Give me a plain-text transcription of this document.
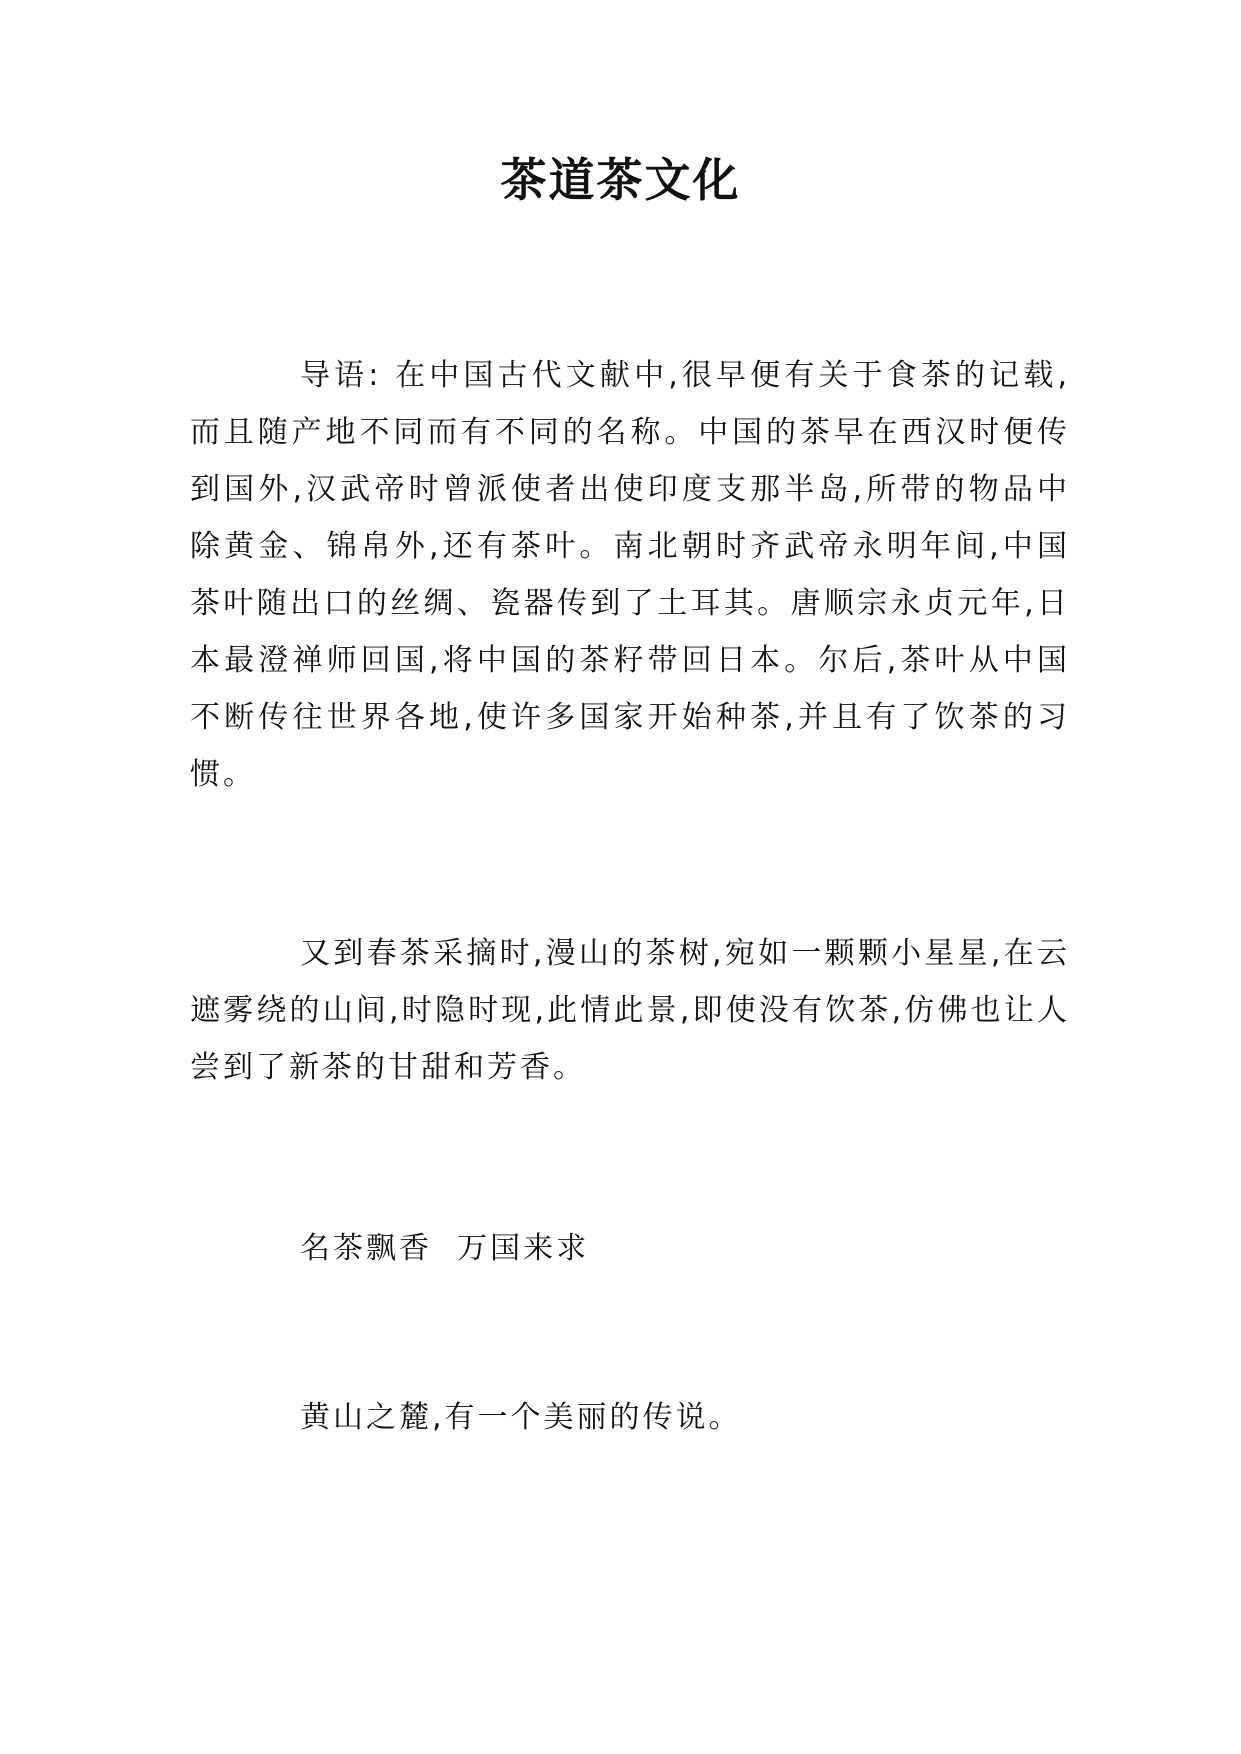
茶道茶文化

导语: 在中国古代文献中,很早便有关于食茶的记载,而且随产地不同而有不同的名称。中国的茶早在西汉时便传到国外,汉武帝时曾派使者出使印度支那半岛,所带的物品中除黄金、锦帛外,还有茶叶。南北朝时齐武帝永明年间,中国茶叶随出口的丝绸、瓷器传到了土耳其。唐顺宗永贞元年,日本最澄禅师回国,将中国的茶籽带回日本。尔后,茶叶从中国不断传往世界各地,使许多国家开始种茶,并且有了饮茶的习惯。

又到春茶采摘时,漫山的茶树,宛如一颗颗小星星,在云遮雾绕的山间,时隐时现,此情此景,即使没有饮茶,仿佛也让人尝到了新茶的甘甜和芳香。

名茶飘香  万国来求

黄山之麓,有一个美丽的传说。
